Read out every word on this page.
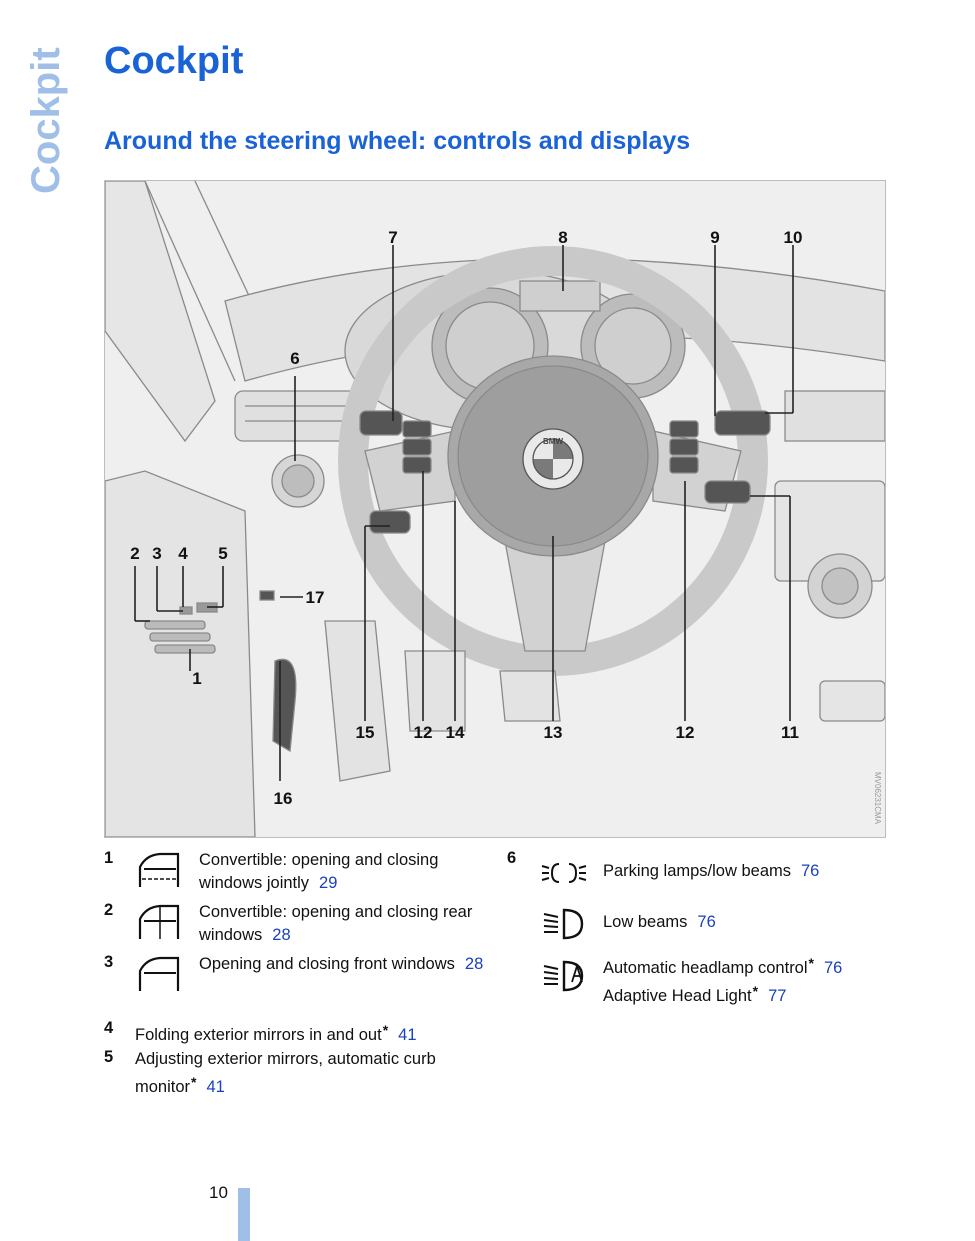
Cockpit Cockpit
Around the steering wheel: controls and displays
1
2 3 4 5
6
7	8	9	10
11
12	12
13
14
15
16
17
BMW
MV06231CMA
1	Convertible: opening and closing windows jointly 29
2	Convertible: opening and closing rear windows 28
3	Opening and closing front windows 28
4 Folding exterior mirrors in and out* 41
5 Adjusting exterior mirrors, automatic curb monitor* 41
6
Parking lamps/low beams 76
Low beams 76
Automatic headlamp control* 76
Adaptive Head Light* 77
10
